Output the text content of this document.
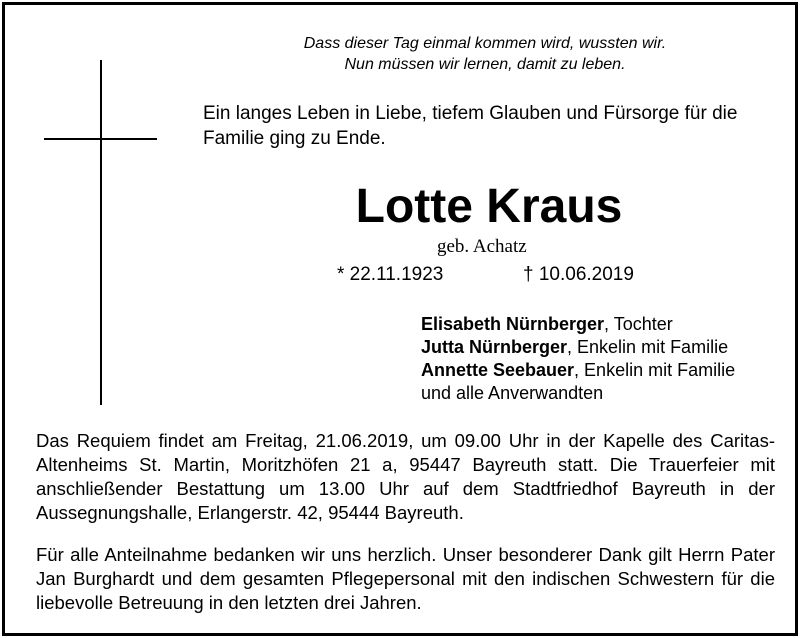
Dass dieser Tag einmal kommen wird, wussten wir.
Nun müssen wir lernen, damit zu leben.
Ein langes Leben in Liebe, tiefem Glauben und Fürsorge für die Familie ging zu Ende.
Lotte Kraus
geb. Achatz
* 22.11.1923	† 10.06.2019
Elisabeth Nürnberger, Tochter
Jutta Nürnberger, Enkelin mit Familie
Annette Seebauer, Enkelin mit Familie
und alle Anverwandten
Das Requiem findet am Freitag, 21.06.2019, um 09.00 Uhr in der Kapelle des Caritas-Altenheims St. Martin, Moritzhöfen 21 a, 95447 Bayreuth statt. Die Trauerfeier mit anschließender Bestattung um 13.00 Uhr auf dem Stadtfriedhof Bayreuth in der Aussegnungshalle, Erlangerstr. 42, 95444 Bayreuth.
Für alle Anteilnahme bedanken wir uns herzlich. Unser besonderer Dank gilt Herrn Pater Jan Burghardt und dem gesamten Pflegepersonal mit den indischen Schwestern für die liebevolle Betreuung in den letzten drei Jahren.
